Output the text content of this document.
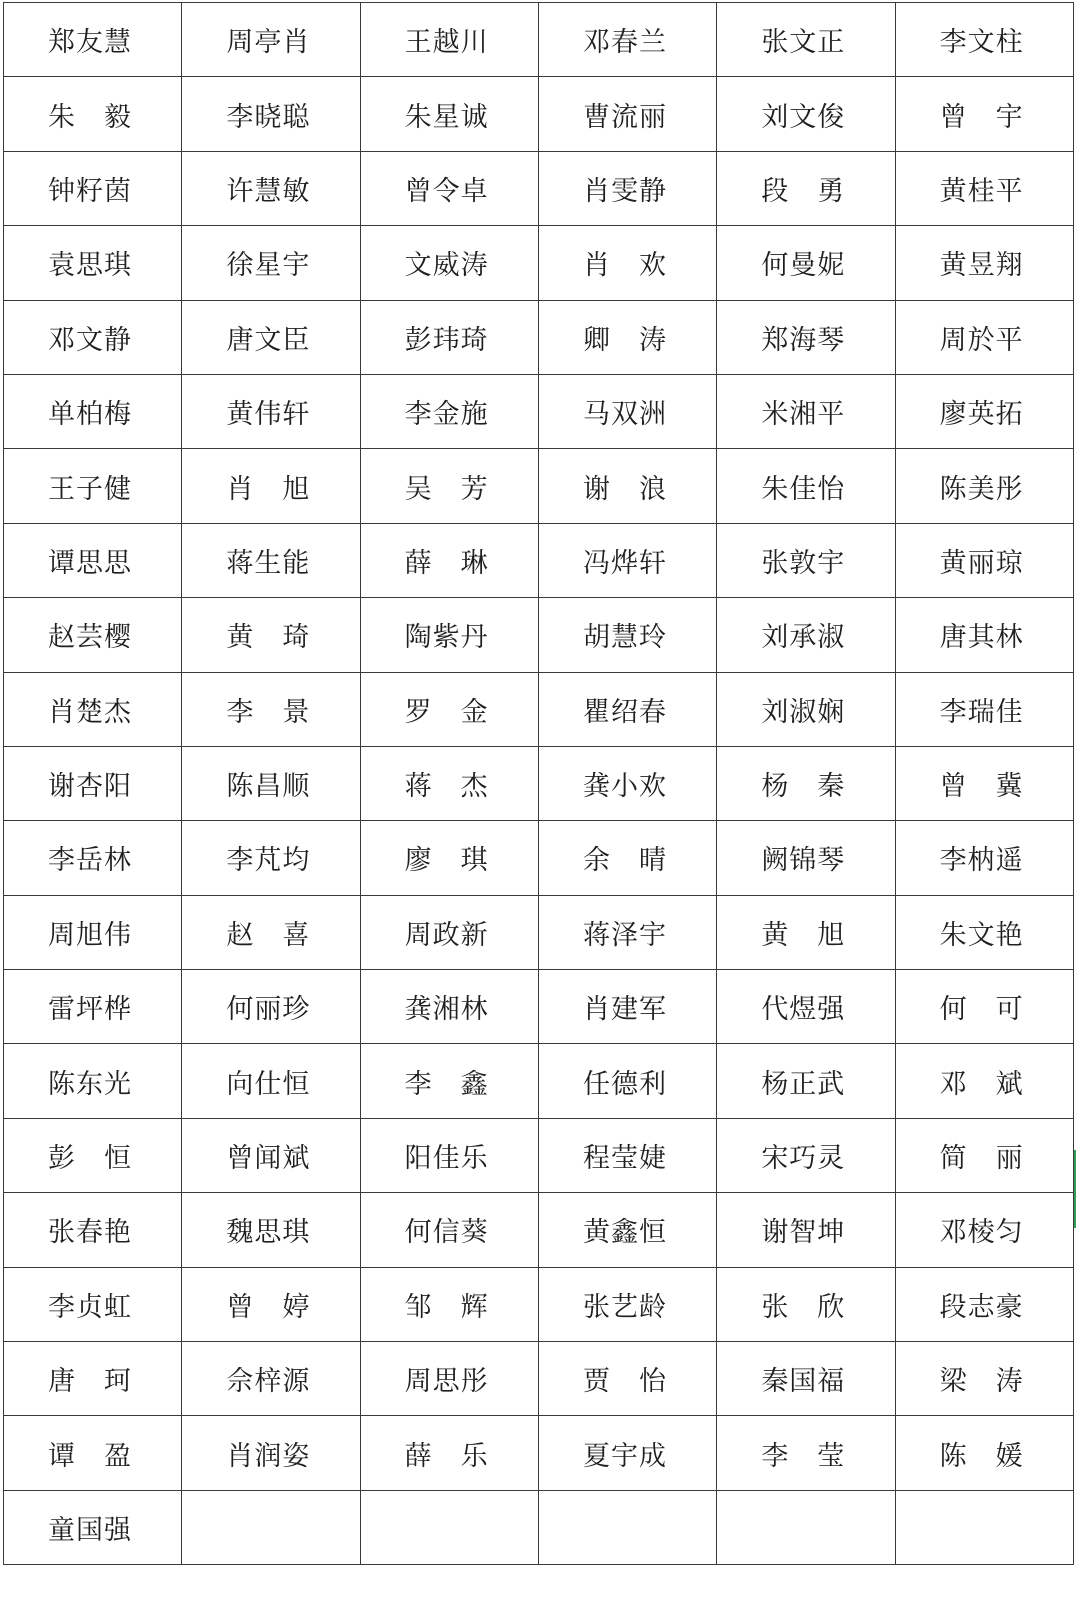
郑友慧	周亭肖	王越川	邓春兰	张文正	李文柱
朱　毅	李晓聪	朱星诚	曹流丽	刘文俊	曾　宇
钟籽茵	许慧敏	曾令卓	肖雯静	段　勇	黄桂平
袁思琪	徐星宇	文威涛	肖　欢	何曼妮	黄昱翔
邓文静	唐文臣	彭玮琦	卿　涛	郑海琴	周於平
单柏梅	黄伟轩	李金施	马双洲	米湘平	廖英拓
王子健	肖　旭	吴　芳	谢　浪	朱佳怡	陈美彤
谭思思	蒋生能	薛　琳	冯烨轩	张敦宇	黄丽琼
赵芸樱	黄　琦	陶紫丹	胡慧玲	刘承淑	唐其林
肖楚杰	李　景	罗　金	瞿绍春	刘淑娴	李瑞佳
谢杏阳	陈昌顺	蒋　杰	龚小欢	杨　秦	曾　冀
李岳林	李芃均	廖　琪	余　晴	阙锦琴	李枘遥
周旭伟	赵　喜	周政新	蒋泽宇	黄　旭	朱文艳
雷坪桦	何丽珍	龚湘林	肖建军	代煜强	何　可
陈东光	向仕恒	李　鑫	任德利	杨正武	邓　斌
彭　恒	曾闻斌	阳佳乐	程莹婕	宋巧灵	简　丽
张春艳	魏思琪	何信葵	黄鑫恒	谢智坤	邓棱匀
李贞虹	曾　婷	邹　辉	张艺龄	张　欣	段志豪
唐　珂	佘梓源	周思彤	贾　怡	秦国福	梁　涛
谭　盈	肖润姿	薛　乐	夏宇成	李　莹	陈　媛
童国强					
